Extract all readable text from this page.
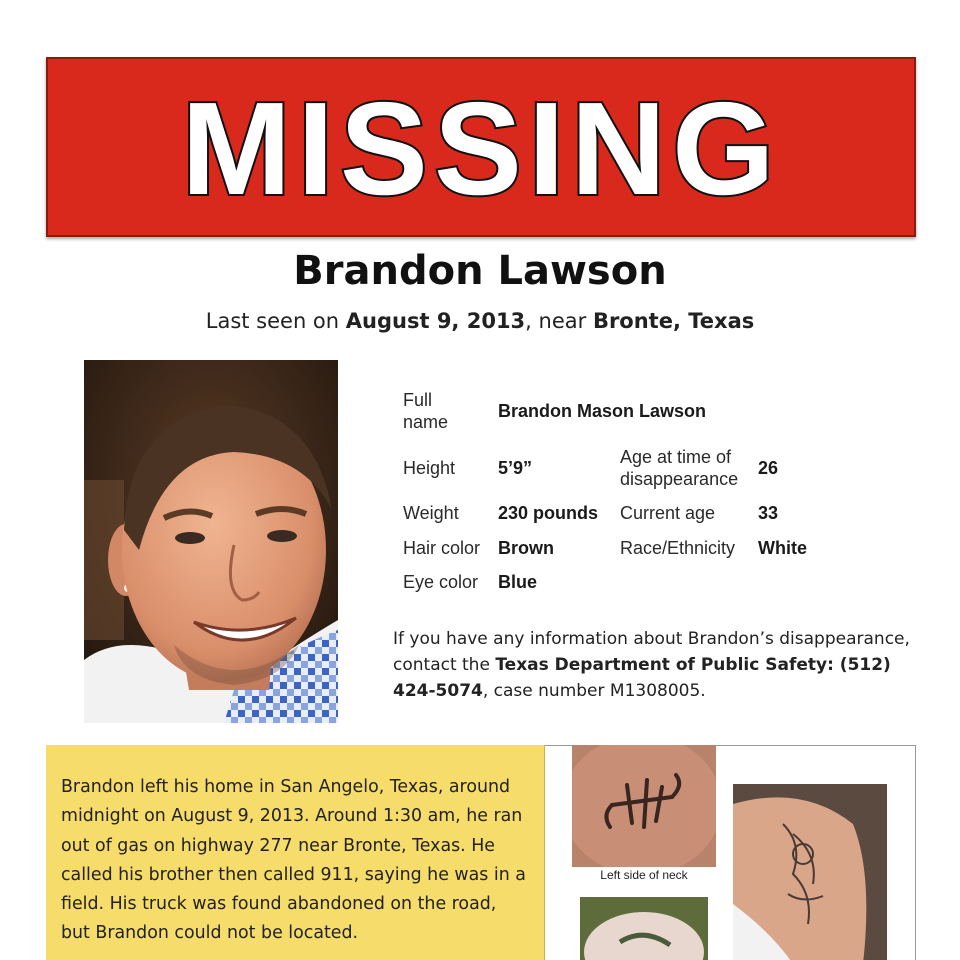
MISSING
Brandon Lawson
Last seen on August 9, 2013, near Bronte, Texas
Full
name
Brandon Mason Lawson
Height 5’9”
Age at time of
disappearance
26
Weight 230 pounds Current age 33
Hair color Brown	Race/Ethnicity White
Eye color Blue
If you have any information about Brandon’s disappearance, contact the Texas Department of Public Safety: (512) 424-5074, case number M1308005.
Brandon left his home in San Angelo, Texas, around midnight on August 9, 2013. Around 1:30 am, he ran out of gas on highway 277 near Bronte, Texas. He called his brother then called 911, saying he was in a field. His truck was found abandoned on the road, but Brandon could not be located.
Left side of neck
